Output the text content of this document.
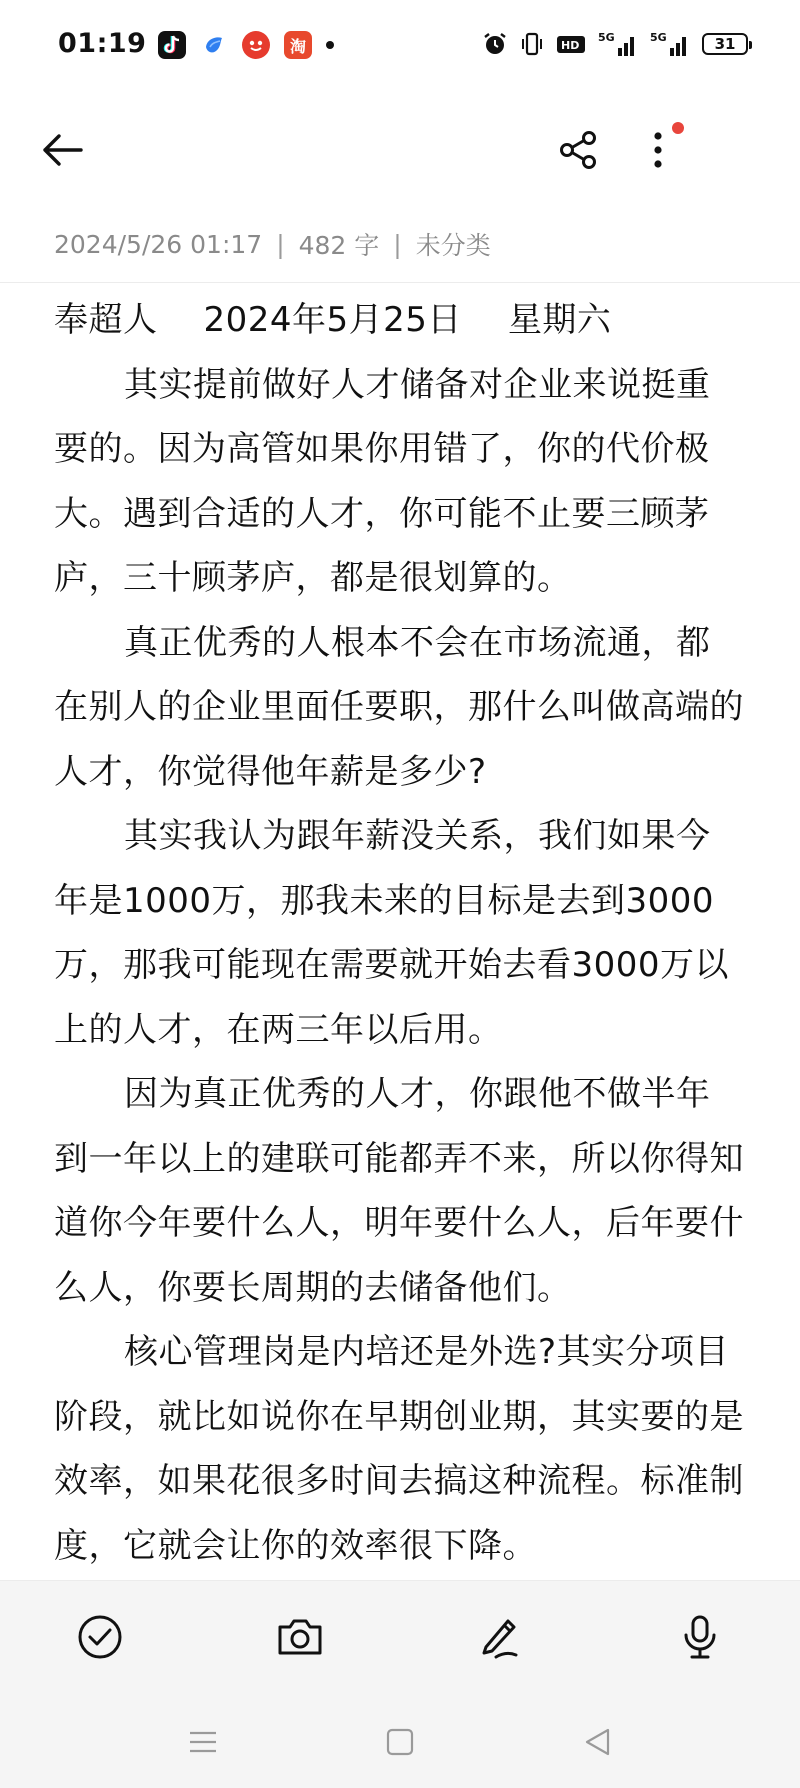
01:19	淘	HD
5G	5G	31
2024/5/26 01:17 | 482 字 | 未分类
奉超人 2024年5月25日 星期六

其实提前做好人才储备对企业来说挺重要的。因为高管如果你用错了，你的代价极大。遇到合适的人才，你可能不止要三顾茅庐，三十顾茅庐，都是很划算的。

真正优秀的人根本不会在市场流通，都在别人的企业里面任要职，那什么叫做高端的人才，你觉得他年薪是多少?

其实我认为跟年薪没关系，我们如果今年是1000万，那我未来的目标是去到3000万，那我可能现在需要就开始去看3000万以上的人才，在两三年以后用。

因为真正优秀的人才，你跟他不做半年到一年以上的建联可能都弄不来，所以你得知道你今年要什么人，明年要什么人，后年要什么人，你要长周期的去储备他们。

核心管理岗是内培还是外选?其实分项目阶段，就比如说你在早期创业期，其实要的是效率，如果花很多时间去搞这种流程。标准制度，它就会让你的效率很下降。
